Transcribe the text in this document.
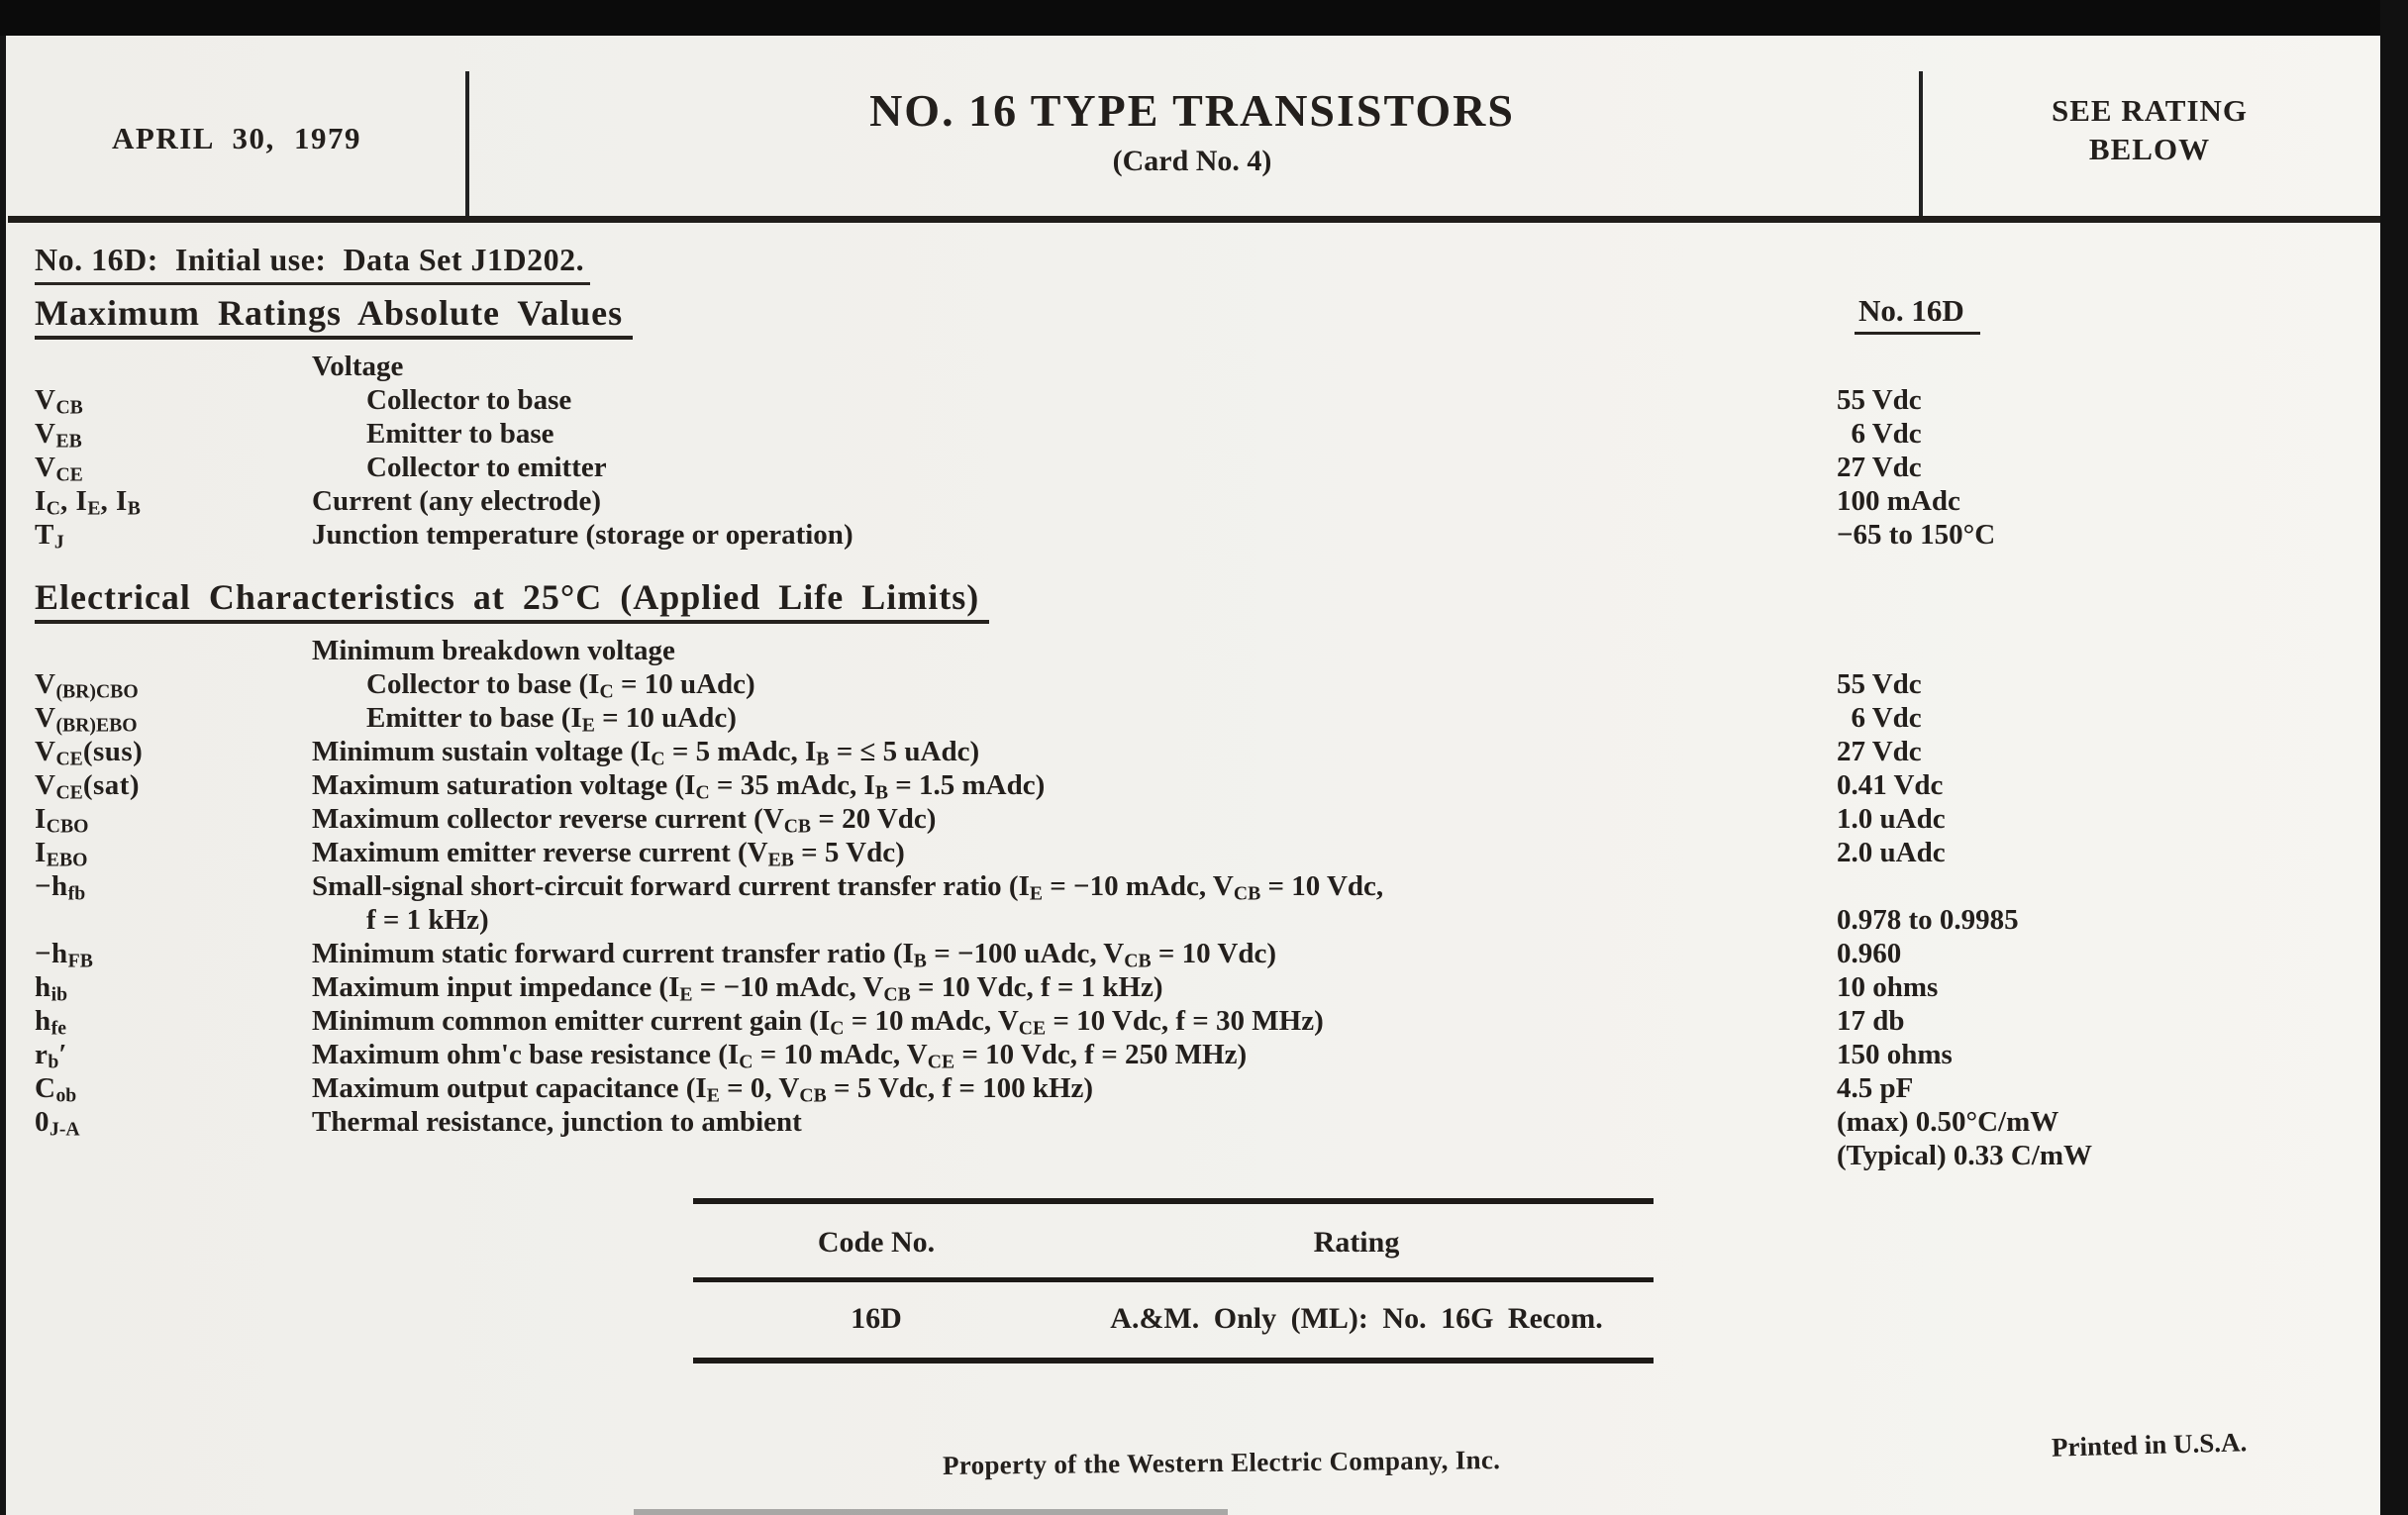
APRIL 30, 1979
NO. 16 TYPE TRANSISTORS
(Card No. 4)
SEE RATING
BELOW
No. 16D:  Initial use:  Data Set J1D202.
Maximum Ratings Absolute Values	No. 16D
Voltage
$V_{CB}$	Collector to base	55 Vdc
$V_{EB}$	Emitter to base	6 Vdc
$V_{CE}$	Collector to emitter	27 Vdc
$I_C$, $I_E$, $I_B$	Current (any electrode)	100 mAdc
$T_J$	Junction temperature (storage or operation)	−65 to 150°C
Electrical Characteristics at 25°C (Applied Life Limits)
Minimum breakdown voltage
$V_{(BR)CBO}$	Collector to base ($I_C = 10$ uAdc)	55 Vdc
$V_{(BR)EBO}$	Emitter to base ($I_E = 10$ uAdc)	6 Vdc
$V_{CE}(sus)$	Minimum sustain voltage ($I_C = 5$ mAdc, $I_B$ = ≤ 5 uAdc)	27 Vdc
$V_{CE}(sat)$	Maximum saturation voltage ($I_C = 35$ mAdc, $I_B = 1.5$ mAdc)	0.41 Vdc
$I_{CBO}$	Maximum collector reverse current ($V_{CB} = 20$ Vdc)	1.0 uAdc
$I_{EBO}$	Maximum emitter reverse current ($V_{EB} = 5$ Vdc)	2.0 uAdc
$-h_{fb}$	Small-signal short-circuit forward current transfer ratio ($I_E = -10$ mAdc, $V_{CB} = 10$ Vdc,
f = 1 kHz)	0.978 to 0.9985
$-h_{FB}$	Minimum static forward current transfer ratio ($I_B = -100$ uAdc, $V_{CB} = 10$ Vdc)	0.960
$h_{ib}$	Maximum input impedance ($I_E = -10$ mAdc, $V_{CB} = 10$ Vdc, f = 1 kHz)	10 ohms
$h_{fe}$	Minimum common emitter current gain ($I_C = 10$ mAdc, $V_{CE} = 10$ Vdc, f = 30 MHz)	17 db
$r_b'$	Maximum ohm'c base resistance ($I_C = 10$ mAdc, $V_{CE} = 10$ Vdc, f = 250 MHz)	150 ohms
$C_{ob}$	Maximum output capacitance ($I_E = 0$, $V_{CB} = 5$ Vdc, f = 100 kHz)	4.5 pF
$0_{J-A}$	Thermal resistance, junction to ambient	(max) 0.50°C/mW
(Typical) 0.33 C/mW
Code No.	Rating
16D	A.&M. Only (ML): No. 16G Recom.
Property of the Western Electric Company, Inc.
Printed in U.S.A.
